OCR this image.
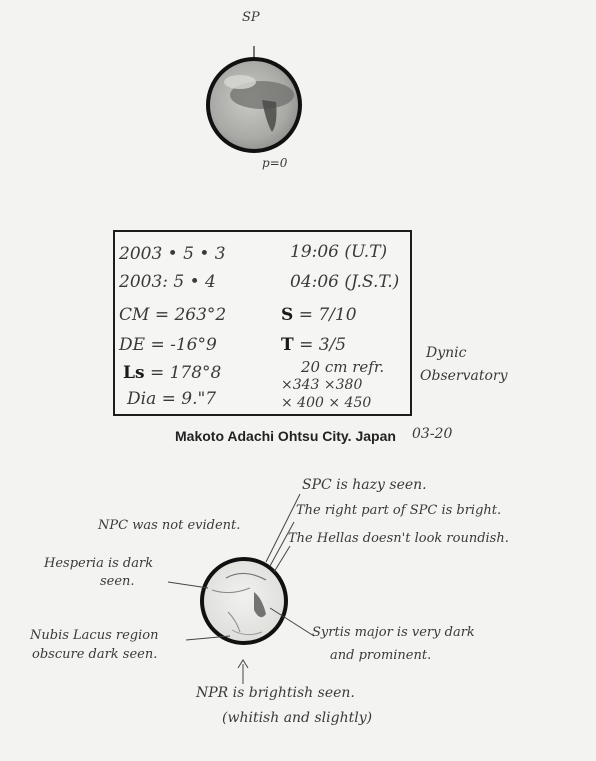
SP
p=0
2003 • 5 • 3	19:06 (U.T)
2003: 5 • 4	04:06 (J.S.T.)
CM = 263°2
DE = -16°9
Ls = 178°8
Dia = 9."7
S = 7/10
T = 3/5
20 cm refr.
×343 ×380
× 400 × 450
Dynic
Observatory
Makoto Adachi Ohtsu City. Japan 03-20
SPC is hazy seen.
NPC was not evident.
The right part of SPC is bright.
The Hellas doesn't look roundish.
Hesperia is dark
seen.
Nubis Lacus region
obscure dark seen.
Syrtis major is very dark
and prominent.
NPR is brightish seen.
(whitish and slightly)
